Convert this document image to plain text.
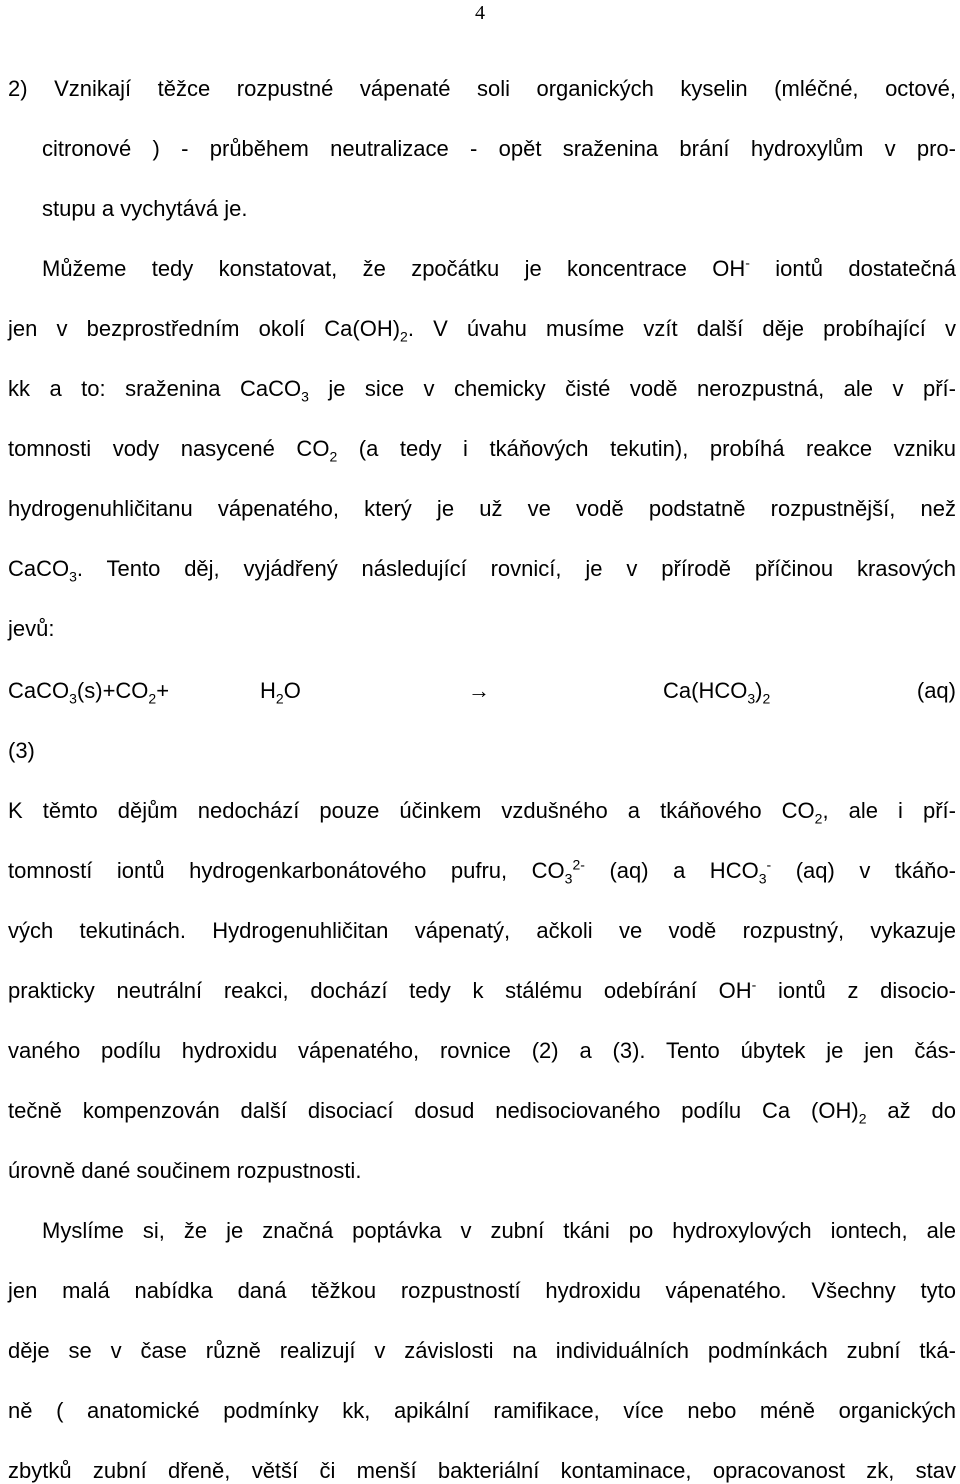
4
2) Vznikají těžce rozpustné vápenaté soli organických kyselin (mléčné, octové,
citronové ) - průběhem neutralizace - opět sraženina brání hydroxylům v pro-
stupu a vychytává je.
Můžeme tedy konstatovat, že zpočátku je koncentrace OH- iontů dostatečná
jen v bezprostředním okolí $Ca(OH)_2$. V úvahu musíme vzít další děje probíhající v
kk a to: sraženina CaCO$_3$ je sice v chemicky čisté vodě nerozpustná, ale v pří-
tomnosti vody nasycené $CO_2$ (a tedy i tkáňových tekutin), probíhá reakce vzniku
hydrogenuhličitanu vápenatého, který je už ve vodě podstatně rozpustnější, než
CaCO$_3$. Tento děj, vyjádřený následující rovnicí, je v přírodě příčinou krasových
jevů:
$CaCO_3(s)+CO_2+$	$H_2O$	→	$Ca(HCO_3)_2$	(aq)
(3)
K těmto dějům nedochází pouze účinkem vzdušného a tkáňového $CO_2$, ale i pří-
tomností iontů hydrogenkarbonátového pufru, $CO_3^{2-}$ (aq) a $HCO_3^-$ (aq) v tkáňo-
vých tekutinách. Hydrogenuhličitan vápenatý, ačkoli ve vodě rozpustný, vykazuje
prakticky neutrální reakci, dochází tedy k stálému odebírání OH- iontů z disocio-
vaného podílu hydroxidu vápenatého, rovnice (2) a (3). Tento úbytek je jen čás-
tečně kompenzován další disociací dosud nedisociovaného podílu Ca $(OH)_2$ až do
úrovně dané součinem rozpustnosti.
Myslíme si, že je značná poptávka v zubní tkáni po hydroxylových iontech, ale
jen malá nabídka daná těžkou rozpustností hydroxidu vápenatého. Všechny tyto
děje se v čase různě realizují v závislosti na individuálních podmínkách zubní tká-
ně ( anatomické podmínky kk, apikální ramifikace, více nebo méně organických
zbytků zubní dřeně, větší či menší bakteriální kontaminace, opracovanost zk, stav
